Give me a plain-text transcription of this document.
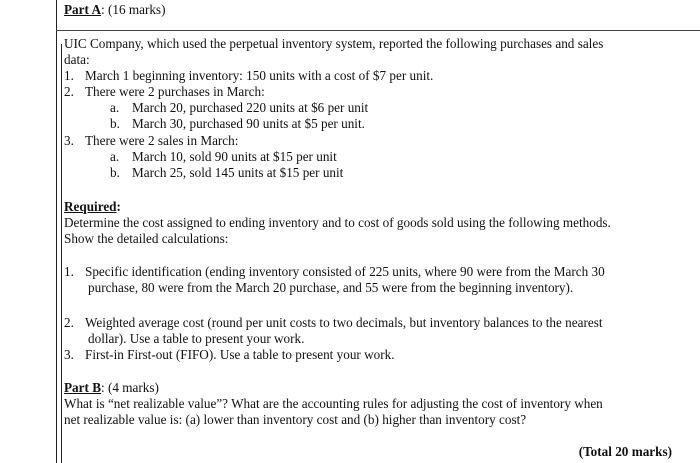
Part A: (16 marks)
UIC Company, which used the perpetual inventory system, reported the following purchases and sales
data:
1. March 1 beginning inventory: 150 units with a cost of $7 per unit.
2. There were 2 purchases in March:
a. March 20, purchased 220 units at $6 per unit
b. March 30, purchased 90 units at $5 per unit.
3. There were 2 sales in March:
a. March 10, sold 90 units at $15 per unit
b. March 25, sold 145 units at $15 per unit
Required:
Determine the cost assigned to ending inventory and to cost of goods sold using the following methods.
Show the detailed calculations:
1. Specific identification (ending inventory consisted of 225 units, where 90 were from the March 30
purchase, 80 were from the March 20 purchase, and 55 were from the beginning inventory).
2. Weighted average cost (round per unit costs to two decimals, but inventory balances to the nearest
dollar). Use a table to present your work.
3. First-in First-out (FIFO). Use a table to present your work.
Part B: (4 marks)
What is “net realizable value”? What are the accounting rules for adjusting the cost of inventory when
net realizable value is: (a) lower than inventory cost and (b) higher than inventory cost?
(Total 20 marks)
